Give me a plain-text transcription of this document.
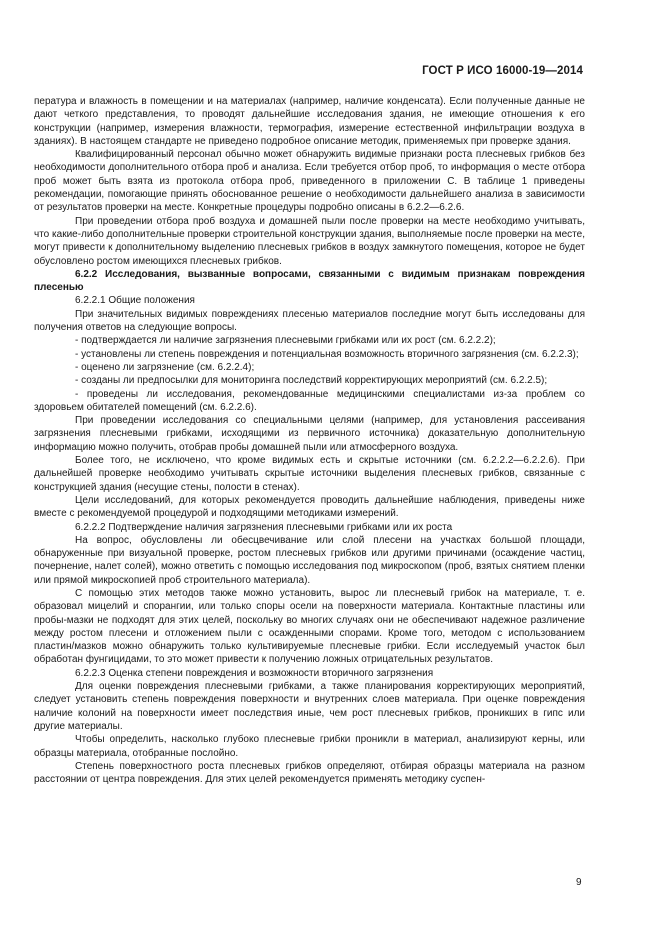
ГОСТ Р ИСО 16000-19—2014

пература и влажность в помещении и на материалах (например, наличие конденсата). Если полученные данные не дают четкого представления, то проводят дальнейшие исследования здания, не имеющие отношения к его конструкции (например, измерения влажности, термография, измерение естественной инфильтрации воздуха в зданиях). В настоящем стандарте не приведено подробное описание методик, применяемых при проверке здания.

Квалифицированный персонал обычно может обнаружить видимые признаки роста плесневых грибков без необходимости дополнительного отбора проб и анализа. Если требуется отбор проб, то информация о месте отбора проб может быть взята из протокола отбора проб, приведенного в приложении С. В таблице 1 приведены рекомендации, помогающие принять обоснованное решение о необходимости дальнейшего анализа в зависимости от результатов проверки на месте. Конкретные процедуры подробно описаны в 6.2.2—6.2.6.

При проведении отбора проб воздуха и домашней пыли после проверки на месте необходимо учитывать, что какие-либо дополнительные проверки строительной конструкции здания, выполняемые после проверки на месте, могут привести к дополнительному выделению плесневых грибков в воздух замкнутого помещения, которое не будет обусловлено ростом имеющихся плесневых грибков.

6.2.2 Исследования, вызванные вопросами, связанными с видимым признакам повреждения плесенью

6.2.2.1 Общие положения

При значительных видимых повреждениях плесенью материалов последние могут быть исследованы для получения ответов на следующие вопросы.

- подтверждается ли наличие загрязнения плесневыми грибками или их рост (см. 6.2.2.2);

- установлены ли степень повреждения и потенциальная возможность вторичного загрязнения (см. 6.2.2.3);

- оценено ли загрязнение (см. 6.2.2.4);

- созданы ли предпосылки для мониторинга последствий корректирующих мероприятий (см. 6.2.2.5);

- проведены ли исследования, рекомендованные медицинскими специалистами из-за проблем со здоровьем обитателей помещений (см. 6.2.2.6).

При проведении исследования со специальными целями (например, для установления рассеивания загрязнения плесневыми грибками, исходящими из первичного источника) доказательную дополнительную информацию можно получить, отобрав пробы домашней пыли или атмосферного воздуха.

Более того, не исключено, что кроме видимых есть и скрытые источники (см. 6.2.2.2—6.2.2.6). При дальнейшей проверке необходимо учитывать скрытые источники выделения плесневых грибков, связанные с конструкцией здания (несущие стены, полости в стенах).

Цели исследований, для которых рекомендуется проводить дальнейшие наблюдения, приведены ниже вместе с рекомендуемой процедурой и подходящими методиками измерений.

6.2.2.2 Подтверждение наличия загрязнения плесневыми грибками или их роста

На вопрос, обусловлены ли обесцвечивание или слой плесени на участках большой площади, обнаруженные при визуальной проверке, ростом плесневых грибков или другими причинами (осаждение частиц, почернение, налет солей), можно ответить с помощью исследования под микроскопом (проб, взятых снятием пленки или прямой микроскопией проб строительного материала).

С помощью этих методов также можно установить, вырос ли плесневый грибок на материале, т. е. образовал мицелий и спорангии, или только споры осели на поверхности материала. Контактные пластины или пробы-мазки не подходят для этих целей, поскольку во многих случаях они не обеспечивают надежное различение между ростом плесени и отложением пыли с осажденными спорами. Кроме того, методом с использованием пластин/мазков можно обнаружить только культивируемые плесневые грибки. Если исследуемый участок был обработан фунгицидами, то это может привести к получению ложных отрицательных результатов.

6.2.2.3 Оценка степени повреждения и возможности вторичного загрязнения

Для оценки повреждения плесневыми грибками, а также планирования корректирующих мероприятий, следует установить степень повреждения поверхности и внутренних слоев материала. При оценке повреждения наличие колоний на поверхности имеет последствия иные, чем рост плесневых грибков, проникших в гипс или другие материалы.

Чтобы определить, насколько глубоко плесневые грибки проникли в материал, анализируют керны, или образцы материала, отобранные послойно.

Степень поверхностного роста плесневых грибков определяют, отбирая образцы материала на разном расстоянии от центра повреждения. Для этих целей рекомендуется применять методику суспен-

9
